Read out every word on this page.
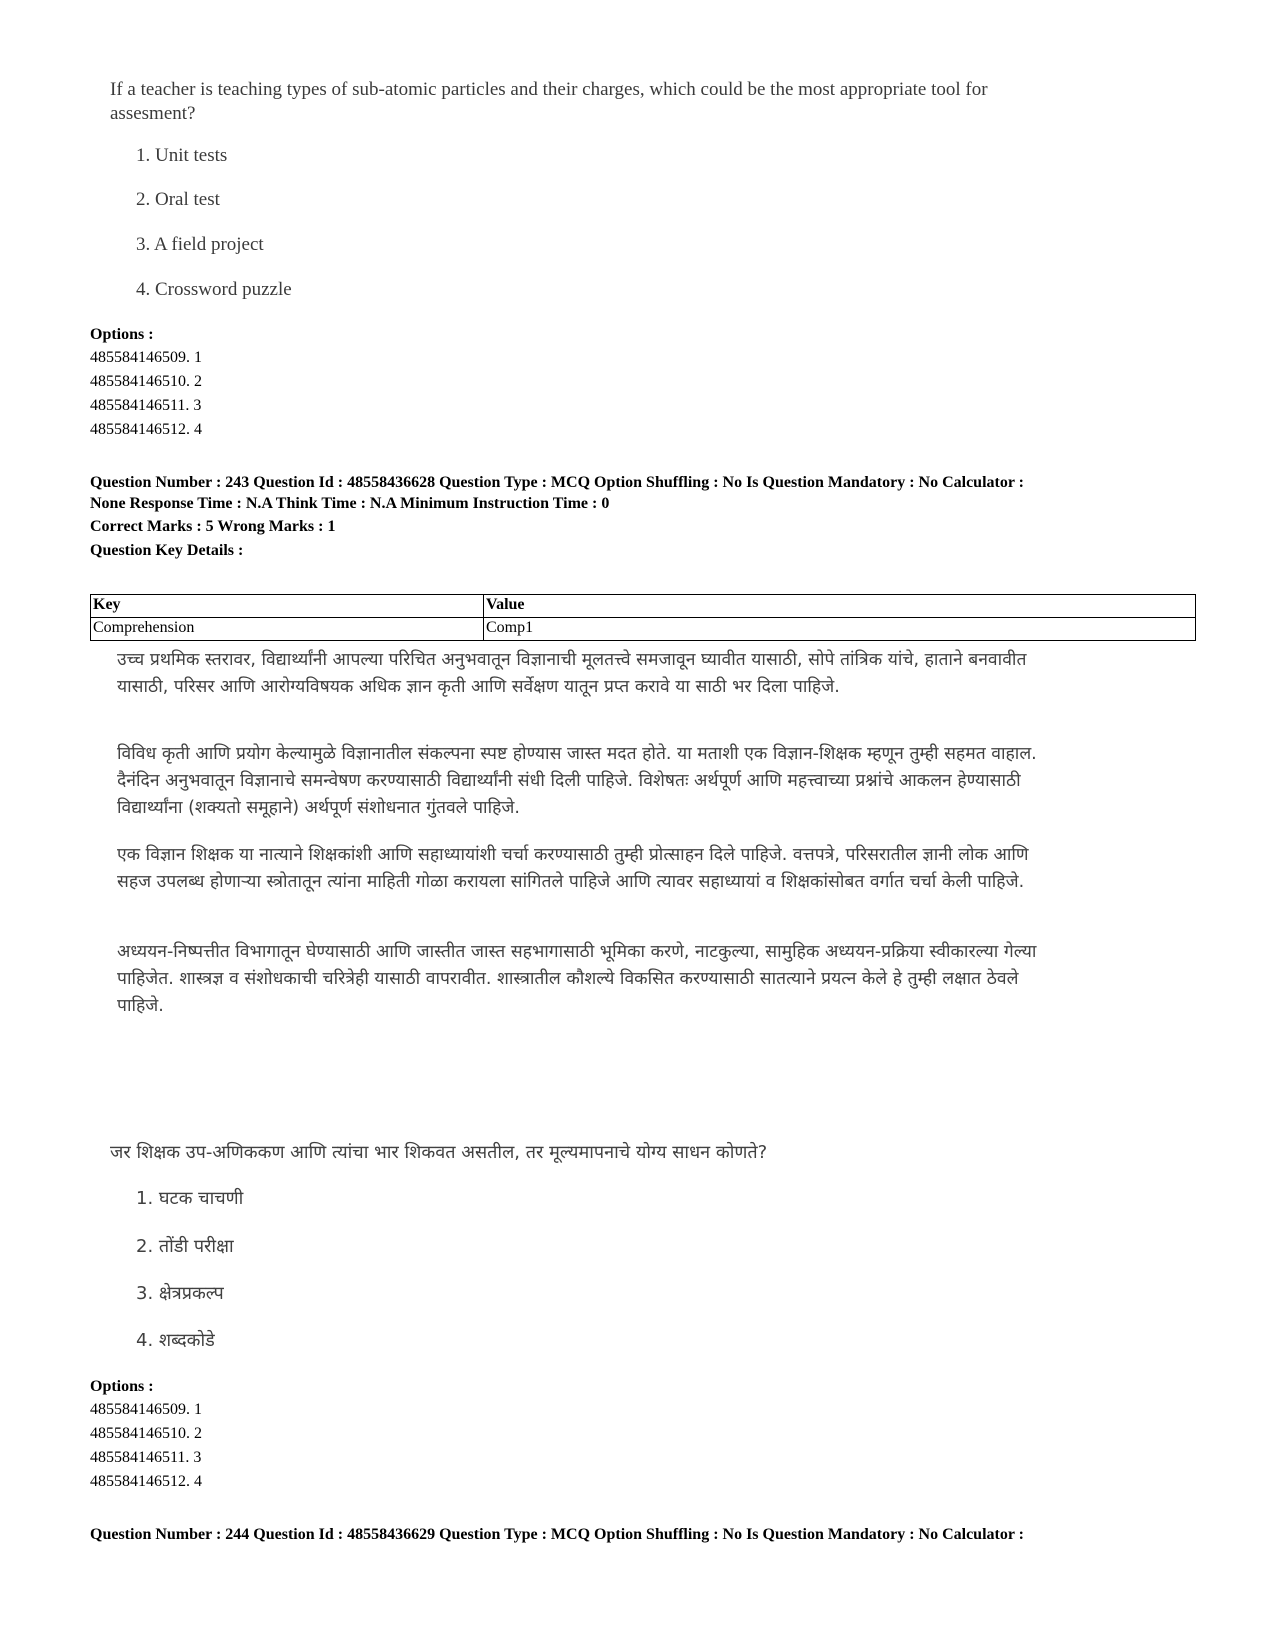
If a teacher is teaching types of sub-atomic particles and their charges, which could be the most appropriate tool for assesment?
1. Unit tests
2. Oral test
3. A field project
4. Crossword puzzle
Options :
485584146509. 1
485584146510. 2
485584146511. 3
485584146512. 4
Question Number : 243 Question Id : 48558436628 Question Type : MCQ Option Shuffling : No Is Question Mandatory : No Calculator :
None Response Time : N.A Think Time : N.A Minimum Instruction Time : 0
Correct Marks : 5 Wrong Marks : 1
Question Key Details :
Key	Value
Comprehension	Comp1
उच्च प्रथमिक स्तरावर, विद्यार्थ्यांनी आपल्या परिचित अनुभवातून विज्ञानाची मूलतत्त्वे समजावून घ्यावीत यासाठी, सोपे तांत्रिक यांचे, हाताने बनवावीत यासाठी, परिसर आणि आरोग्यविषयक अधिक ज्ञान कृती आणि सर्वेक्षण यातून प्रप्त करावे या साठी भर दिला पाहिजे.
विविध कृती आणि प्रयोग केल्यामुळे विज्ञानातील संकल्पना स्पष्ट होण्यास जास्त मदत होते. या मताशी एक विज्ञान-शिक्षक म्हणून तुम्ही सहमत वाहाल. दैनंदिन अनुभवातून विज्ञानाचे समन्वेषण करण्यासाठी विद्यार्थ्यांनी संधी दिली पाहिजे. विशेषतः अर्थपूर्ण आणि महत्त्वाच्या प्रश्नांचे आकलन हेण्यासाठी विद्यार्थ्यांना (शक्यतो समूहाने) अर्थपूर्ण संशोधनात गुंतवले पाहिजे.
एक विज्ञान शिक्षक या नात्याने शिक्षकांशी आणि सहाध्यायांशी चर्चा करण्यासाठी तुम्ही प्रोत्साहन दिले पाहिजे. वत्तपत्रे, परिसरातील ज्ञानी लोक आणि सहज उपलब्ध होणाऱ्या स्त्रोतातून त्यांना माहिती गोळा करायला सांगितले पाहिजे आणि त्यावर सहाध्यायांं व शिक्षकांसोबत वर्गात चर्चा केली पाहिजे.
अध्ययन-निष्पत्तीत विभागातून घेण्यासाठी आणि जास्तीत जास्त सहभागासाठी भूमिका करणे, नाटकुल्या, सामुहिक अध्ययन-प्रक्रिया स्वीकारल्या गेल्या पाहिजेत. शास्त्रज्ञ व संशोधकाची चरित्रेही यासाठी वापरावीत. शास्त्रातील कौशल्ये विकसित करण्यासाठी सातत्याने प्रयत्न केले हे तुम्ही लक्षात ठेवले पाहिजे.
जर शिक्षक उप-अणिककण आणि त्यांचा भार शिकवत असतील, तर मूल्यमापनाचे योग्य साधन कोणते?
1. घटक चाचणी
2. तोंडी परीक्षा
3. क्षेत्रप्रकल्प
4. शब्दकोडे
Options :
485584146509. 1
485584146510. 2
485584146511. 3
485584146512. 4
Question Number : 244 Question Id : 48558436629 Question Type : MCQ Option Shuffling : No Is Question Mandatory : No Calculator :
